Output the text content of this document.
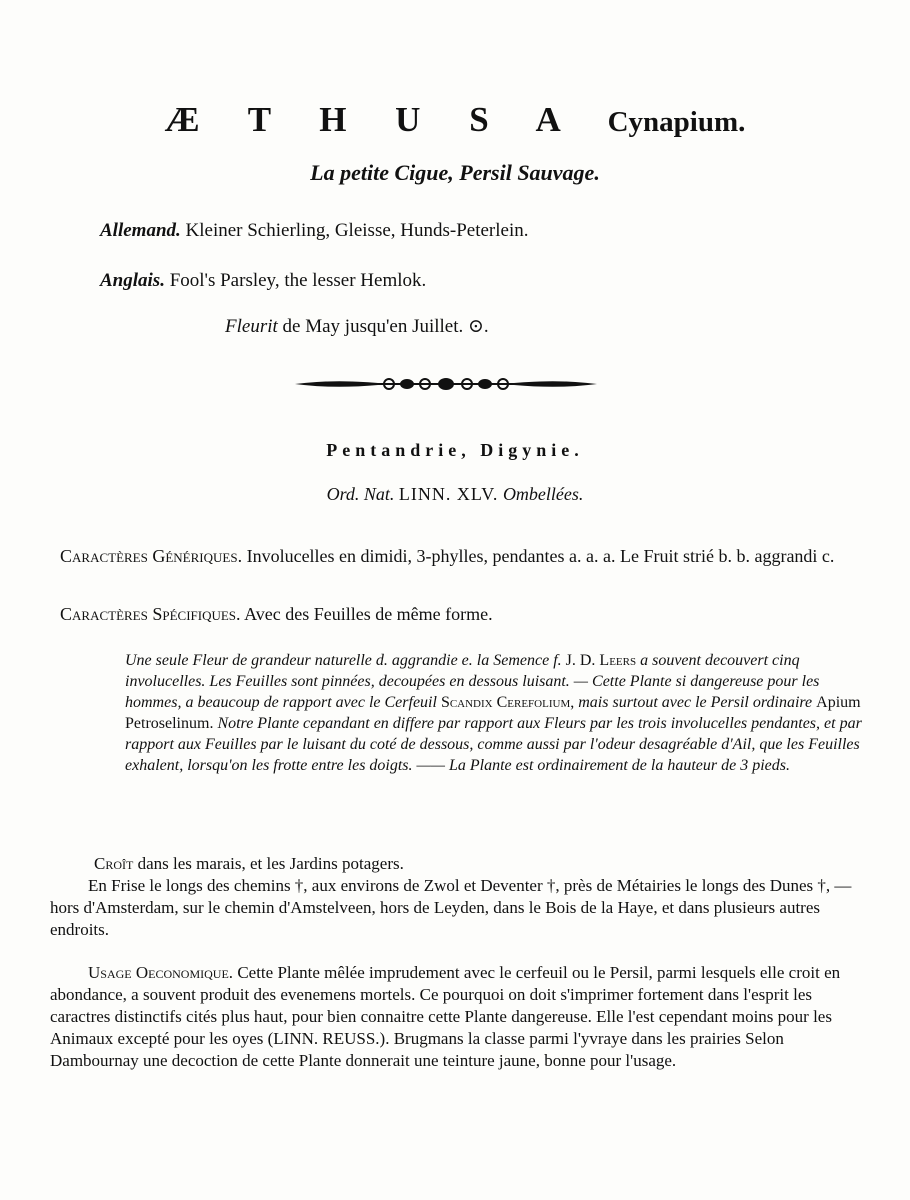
Æ T H U S A Cynapium.
La petite Cigue, Persil Sauvage.
Allemand. Kleiner Schierling, Gleisse, Hunds-Peterlein.
Anglais. Fool's Parsley, the lesser Hemlok.
Fleurit de May jusqu'en Juillet. ⊙.
Pentandrie, Digynie.
Ord. Nat. LINN. XLV. Ombellées.
Caractères Génériques. Involucelles en dimidi, 3-phylles, pendantes a. a. a. Le Fruit strié b. b. aggrandi c.
Caractères Spécifiques. Avec des Feuilles de même forme.
Une seule Fleur de grandeur naturelle d. aggrandie e. la Semence f. J. D. Leers a souvent decouvert cinq involucelles. Les Feuilles sont pinnées, decoupées en dessous luisant. — Cette Plante si dangereuse pour les hommes, a beaucoup de rapport avec le Cerfeuil Scandix Cerefolium, mais surtout avec le Persil ordinaire Apium Petroselinum. Notre Plante cepandant en differe par rapport aux Fleurs par les trois involucelles pendantes, et par rapport aux Feuilles par le luisant du coté de dessous, comme aussi par l'odeur desagréable d'Ail, que les Feuilles exhalent, lorsqu'on les frotte entre les doigts. —— La Plante est ordinairement de la hauteur de 3 pieds.
Croît dans les marais, et les Jardins potagers.
En Frise le longs des chemins †, aux environs de Zwol et Deventer †, près de Métairies le longs des Dunes †, — hors d'Amsterdam, sur le chemin d'Amstelveen, hors de Leyden, dans le Bois de la Haye, et dans plusieurs autres endroits.
Usage Oeconomique. Cette Plante mêlée imprudement avec le cerfeuil ou le Persil, parmi lesquels elle croit en abondance, a souvent produit des evenemens mortels. Ce pourquoi on doit s'imprimer fortement dans l'esprit les caractres distinctifs cités plus haut, pour bien connaitre cette Plante dangereuse. Elle l'est cependant moins pour les Animaux excepté pour les oyes (LINN. REUSS.). Brugmans la classe parmi l'yvraye dans les prairies Selon Dambournay une decoction de cette Plante donnerait une teinture jaune, bonne pour l'usage.
